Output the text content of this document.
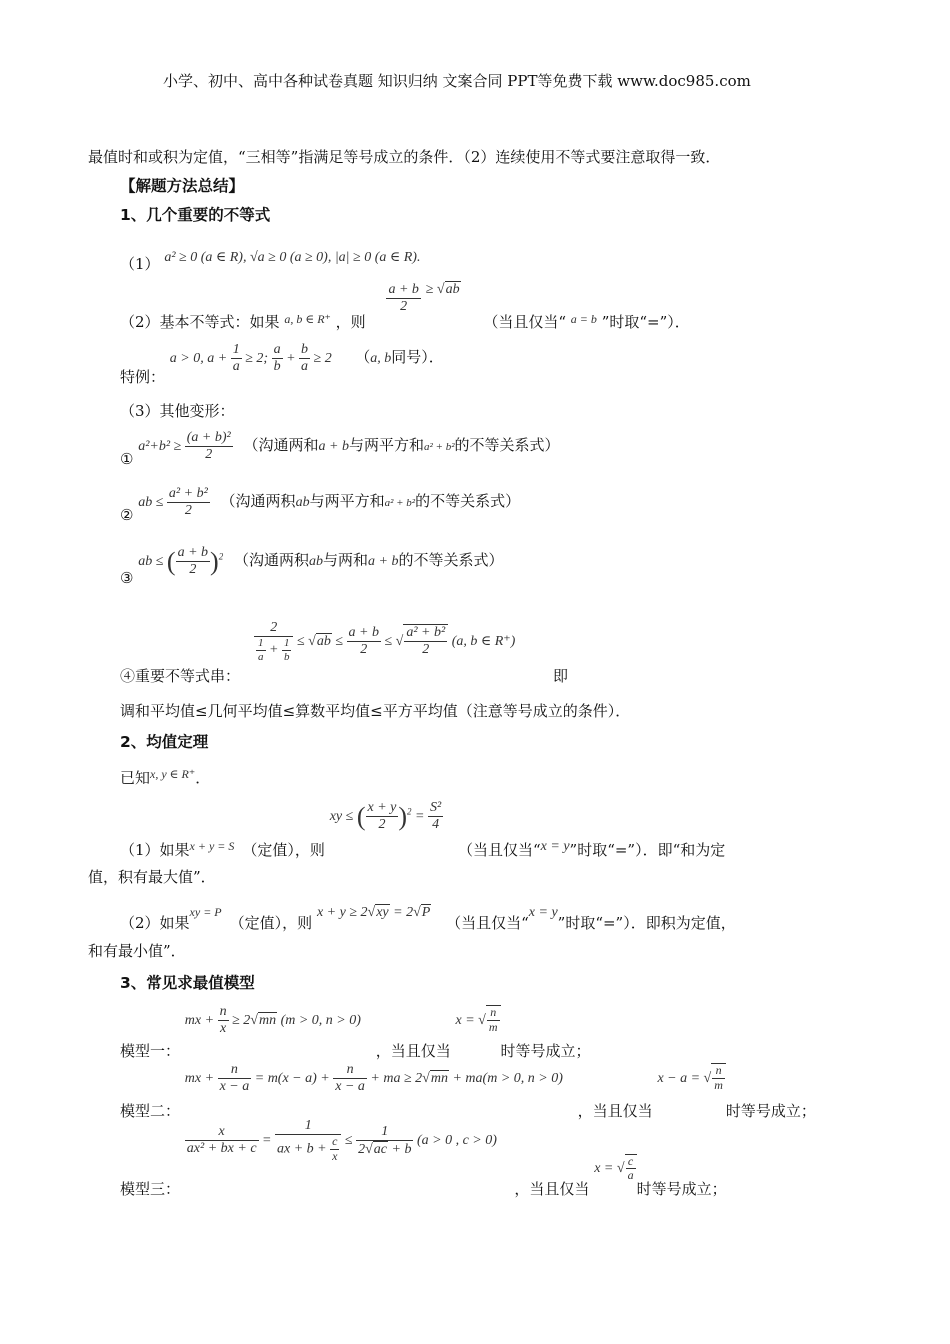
小学、初中、高中各种试卷真题 知识归纳 文案合同 PPT等免费下载 www.doc985.com
最值时和或积为定值，“三相等”指满足等号成立的条件．（2）连续使用不等式要注意取得一致．
【解题方法总结】
1、几个重要的不等式
（1） a² ≥ 0 (a ∈ R), √a ≥ 0 (a ≥ 0), |a| ≥ 0 (a ∈ R).
（2）基本不等式：如果 $_{a, b \in R^+}$ ，则
$\frac{a + b}{2} \ge √ab$ （当且仅当“ $_{a = b}$ ”时取“=”）．
特例： a > 0, $a + \frac{1}{a} \ge 2$; $\frac{a}{b} + \frac{b}{a} \ge 2$ （a, b同号）．
（3）其他变形：
① $a^2+b^2 \ge \frac{\text{(a + b)²}}{2}$ （沟通两和a + b与两平方和a² + b²的不等关系式）
② ab ≤ $\frac{\text{a² + b²}}{2}$ （沟通两积ab与两平方和a² + b²的不等关系式）
③ ab ≤ ( $\frac{a + b}{2} )^2$ （沟通两积ab与两和a + b的不等关系式）
$\frac{2}{\frac{1}{a} + \frac{1}{b}} \le √ab \le \frac{a + b}{2}$ ≤ √ $\frac{\text{a² + b²}}{2} (a$, b ∈ R⁺)
④重要不等式串：	即
调和平均值≤几何平均值≤算数平均值≤平方平均值（注意等号成立的条件）．
2、均值定理
已知x, y ∈ R⁺．
（1）如果$_{x + y = S}$ （定值），则 xy ≤ ( $\frac{x + y}{2} )^2 = \frac{\text{S²}}{4}$
（当且仅当“x = y”时取“=”）．即“和为定
值，积有最大值”．
（2）如果xy = P（定值），则 x + y ≥ 2√xy = 2√P （当且仅当“x = y”时取“=”）．即积为定值，
和有最小值”．
3、常见求最值模型
模型一： mx + $\frac{n}{x} \ge 2√mn$ (m > 0, n > 0) ，当且仅当 x = √ $\frac{n}{m}$
时等号成立；
模型二： mx + $\frac{n}{x - a} = m(x - a) + \frac{n}{x - a}$ + ma ≥ 2√mn + ma(m > 0, n > 0) ，当且仅当 x − a = √ $\frac{n}{m}$
时等号成立；
模型三：
$\frac{x}{\text{ax² + bx + c}} = \frac{1}{ax + b + \frac{c}{x}} \le \frac{1}{2√ac + b} (a > 0$ , c > 0) ，当且仅当 x = √ $\frac{c}{a}$
时等号成立；
